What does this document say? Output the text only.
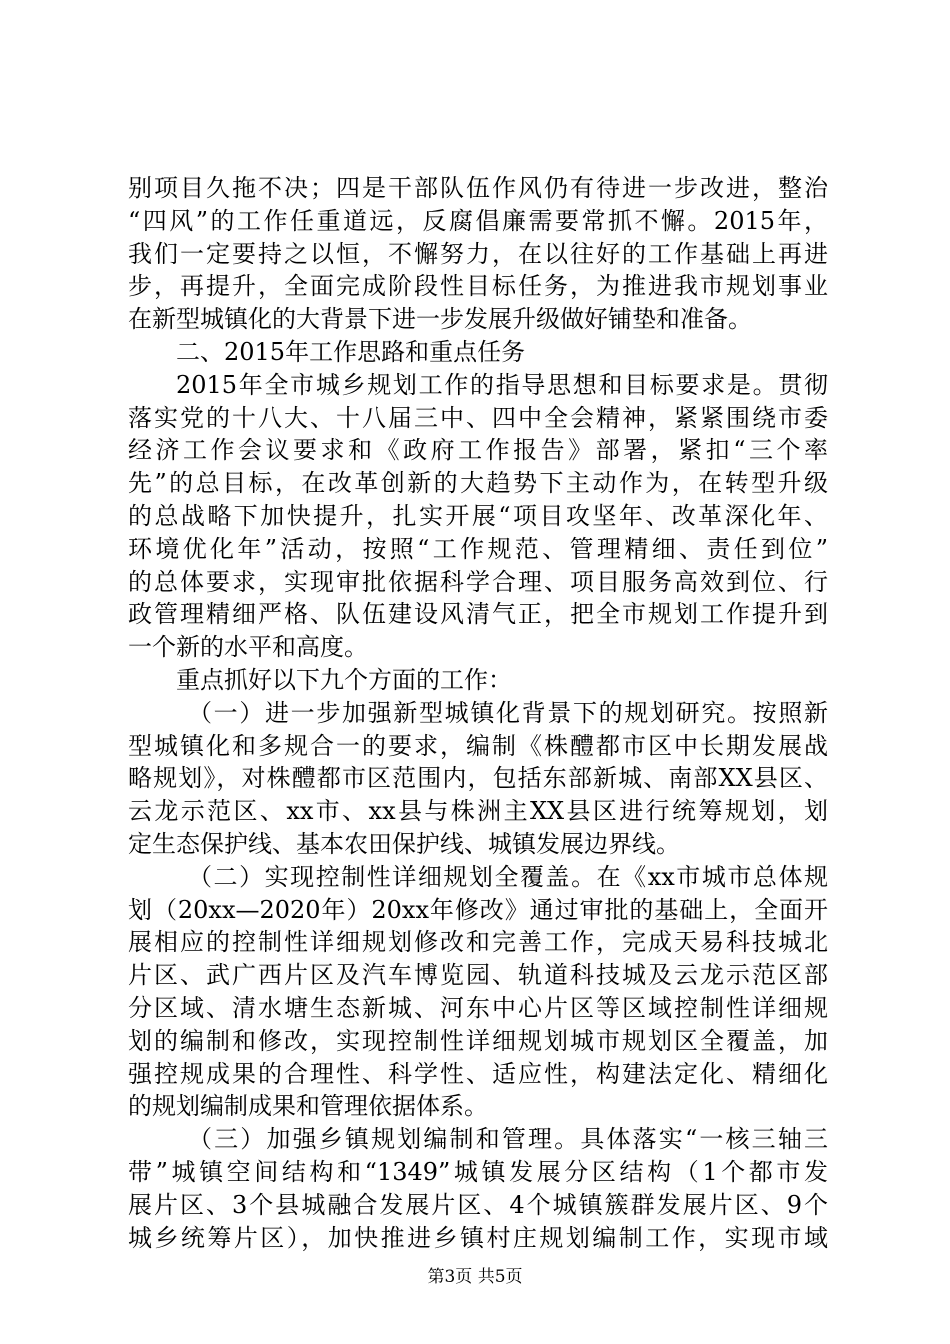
别项目久拖不决；四是干部队伍作风仍有待进一步改进，整治
“四风”的工作任重道远，反腐倡廉需要常抓不懈。2015年，
我们一定要持之以恒，不懈努力，在以往好的工作基础上再进
步，再提升，全面完成阶段性目标任务，为推进我市规划事业
在新型城镇化的大背景下进一步发展升级做好铺垫和准备。
二、2015年工作思路和重点任务
2015年全市城乡规划工作的指导思想和目标要求是。贯彻
落实党的十八大、十八届三中、四中全会精神，紧紧围绕市委
经济工作会议要求和《政府工作报告》部署，紧扣“三个率
先”的总目标，在改革创新的大趋势下主动作为，在转型升级
的总战略下加快提升，扎实开展“项目攻坚年、改革深化年、
环境优化年”活动，按照“工作规范、管理精细、责任到位”
的总体要求，实现审批依据科学合理、项目服务高效到位、行
政管理精细严格、队伍建设风清气正，把全市规划工作提升到
一个新的水平和高度。
重点抓好以下九个方面的工作：
（一）进一步加强新型城镇化背景下的规划研究。按照新
型城镇化和多规合一的要求，编制《株醴都市区中长期发展战
略规划》，对株醴都市区范围内，包括东部新城、南部XX县区、
云龙示范区、xx市、xx县与株洲主XX县区进行统筹规划，划
定生态保护线、基本农田保护线、城镇发展边界线。
（二）实现控制性详细规划全覆盖。在《xx市城市总体规
划（20xx—2020年）20xx年修改》通过审批的基础上，全面开
展相应的控制性详细规划修改和完善工作，完成天易科技城北
片区、武广西片区及汽车博览园、轨道科技城及云龙示范区部
分区域、清水塘生态新城、河东中心片区等区域控制性详细规
划的编制和修改，实现控制性详细规划城市规划区全覆盖，加
强控规成果的合理性、科学性、适应性，构建法定化、精细化
的规划编制成果和管理依据体系。
（三）加强乡镇规划编制和管理。具体落实“一核三轴三
带”城镇空间结构和“1349”城镇发展分区结构（1个都市发
展片区、3个县城融合发展片区、4个城镇簇群发展片区、9个
城乡统筹片区），加快推进乡镇村庄规划编制工作，实现市域
第3页 共5页
